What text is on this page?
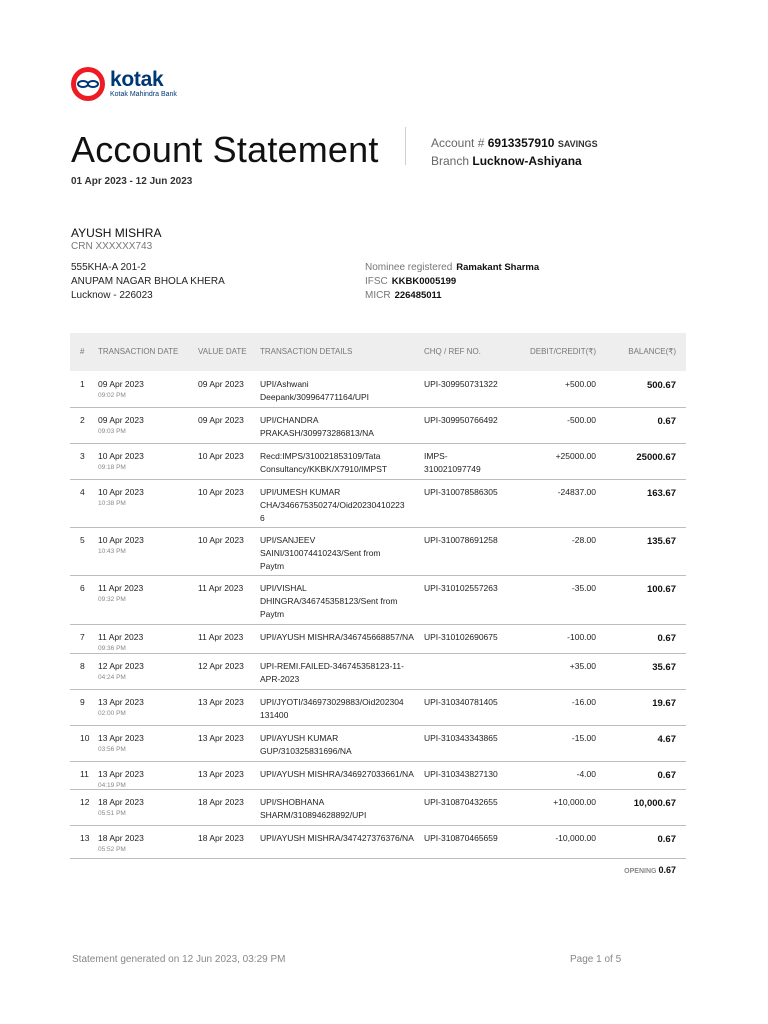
kotak
Kotak Mahindra Bank
Account Statement
01 Apr 2023 - 12 Jun 2023
Account # 6913357910 SAVINGS
Branch Lucknow-Ashiyana
AYUSH MISHRA
CRN XXXXXX743
555KHA-A 201-2
ANUPAM NAGAR BHOLA KHERA
Lucknow - 226023
Nominee registered Ramakant Sharma
IFSC KKBK0005199
MICR 226485011
# TRANSACTION DATE VALUE DATE TRANSACTION DETAILS	CHQ / REF NO.	DEBIT/CREDIT(₹)	BALANCE(₹)
1 09 Apr 2023
09:02 PM
09 Apr 2023 UPI/Ashwani
Deepank/309964771164/UPI
UPI-309950731322	+500.00	500.67
2 09 Apr 2023
09:03 PM
09 Apr 2023 UPI/CHANDRA
PRAKASH/309973286813/NA
UPI-309950766492	-500.00	0.67
3 10 Apr 2023
09:18 PM
10 Apr 2023 Recd:IMPS/310021853109/Tata
Consultancy/KKBK/X7910/IMPST
IMPS-
310021097749
+25000.00	25000.67
4 10 Apr 2023
10:38 PM
10 Apr 2023 UPI/UMESH KUMAR
CHA/346675350274/Oid20230410223
6
UPI-310078586305	-24837.00	163.67
5 10 Apr 2023
10:43 PM
10 Apr 2023 UPI/SANJEEV
SAINI/310074410243/Sent from
Paytm
UPI-310078691258	-28.00	135.67
6 11 Apr 2023
09:32 PM
11 Apr 2023 UPI/VISHAL
DHINGRA/346745358123/Sent from
Paytm
UPI-310102557263	-35.00	100.67
7 11 Apr 2023
09:36 PM
11 Apr 2023 UPI/AYUSH MISHRA/346745668857/NA	UPI-310102690675	-100.00	0.67
8 12 Apr 2023
04:24 PM
12 Apr 2023 UPI-REMI.FAILED-346745358123-11-
APR-2023
+35.00	35.67
9 13 Apr 2023
02:00 PM
13 Apr 2023 UPI/JYOTI/346973029883/Oid202304
131400
UPI-310340781405	-16.00	19.67
10 13 Apr 2023
03:56 PM
13 Apr 2023 UPI/AYUSH KUMAR
GUP/310325831696/NA
UPI-310343343865	-15.00	4.67
11 13 Apr 2023
04:19 PM
13 Apr 2023 UPI/AYUSH MISHRA/346927033661/NA	UPI-310343827130	-4.00	0.67
12 18 Apr 2023
05:51 PM
18 Apr 2023 UPI/SHOBHANA
SHARM/310894628892/UPI
UPI-310870432655	+10,000.00	10,000.67
13 18 Apr 2023
05:52 PM
18 Apr 2023 UPI/AYUSH MISHRA/347427376376/NA	UPI-310870465659	-10,000.00	0.67
OPENING 0.67
Statement generated on 12 Jun 2023, 03:29 PM	Page 1 of 5
